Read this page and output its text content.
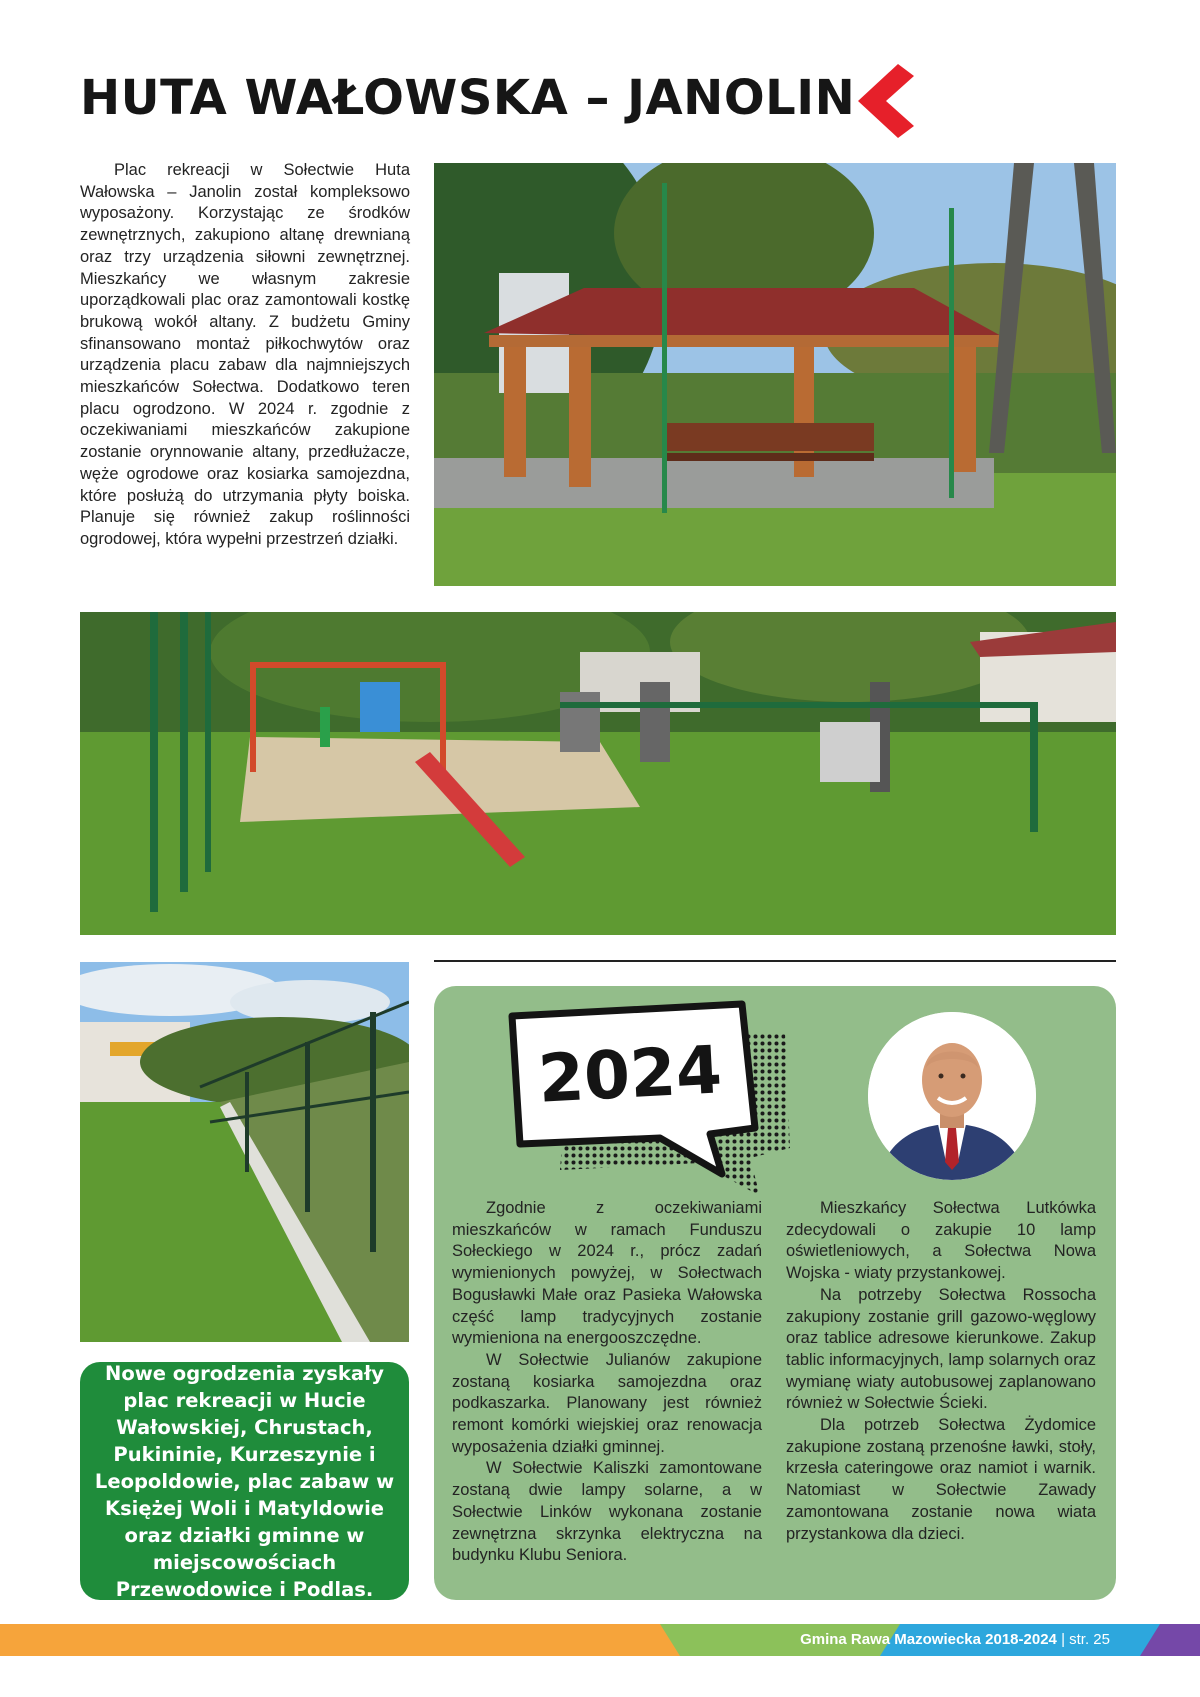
HUTA WAŁOWSKA – JANOLIN

Plac rekreacji w Sołectwie Huta Wałowska – Janolin został kompleksowo wyposażony. Korzystając ze środków zewnętrznych, zakupiono altanę drewnianą oraz trzy urządzenia siłowni zewnętrznej. Mieszkańcy we własnym zakresie uporządkowali plac oraz zamontowali kostkę brukową wokół altany. Z budżetu Gminy sfinansowano montaż piłkochwytów oraz urządzenia placu zabaw dla najmniejszych mieszkańców Sołectwa. Dodatkowo teren placu ogrodzono. W 2024 r. zgodnie z oczekiwaniami mieszkańców zakupione zostanie orynnowanie altany, przedłużacze, węże ogrodowe oraz kosiarka samojezdna, które posłużą do utrzymania płyty boiska. Planuje się również zakup roślinności ogrodowej, która wypełni przestrzeń działki.

Nowe ogrodzenia zyskały plac rekreacji w Hucie Wałowskiej, Chrustach, Pukininie, Kurzeszynie i Leopoldowie, plac zabaw w Księżej Woli i Matyldowie oraz działki gminne w miejscowościach Przewodowice i Podlas.
2024

Zgodnie z oczekiwaniami mieszkańców w ramach Funduszu Sołeckiego w 2024 r., prócz zadań wymienionych powyżej, w Sołectwach Bogusławki Małe oraz Pasieka Wałowska część lamp tradycyjnych zostanie wymieniona na energooszczędne.

W Sołectwie Julianów zakupione zostaną kosiarka samojezdna oraz podkaszarka. Planowany jest również remont komórki wiejskiej oraz renowacja wyposażenia działki gminnej.

W Sołectwie Kaliszki zamontowane zostaną dwie lampy solarne, a w Sołectwie Linków wykonana zostanie zewnętrzna skrzynka elektryczna na budynku Klubu Seniora.

Mieszkańcy Sołectwa Lutkówka zdecydowali o zakupie 10 lamp oświetleniowych, a Sołectwa Nowa Wojska - wiaty przystankowej.

Na potrzeby Sołectwa Rossocha zakupiony zostanie grill gazowo-węglowy oraz tablice adresowe kierunkowe. Zakup tablic informacyjnych, lamp solarnych oraz wymianę wiaty autobusowej zaplanowano również w Sołectwie Ścieki.

Dla potrzeb Sołectwa Żydomice zakupione zostaną przenośne ławki, stoły, krzesła cateringowe oraz namiot i warnik. Natomiast w Sołectwie Zawady zamontowana zostanie nowa wiata przystankowa dla dzieci.

Gmina Rawa Mazowiecka 2018-2024 | str. 25
